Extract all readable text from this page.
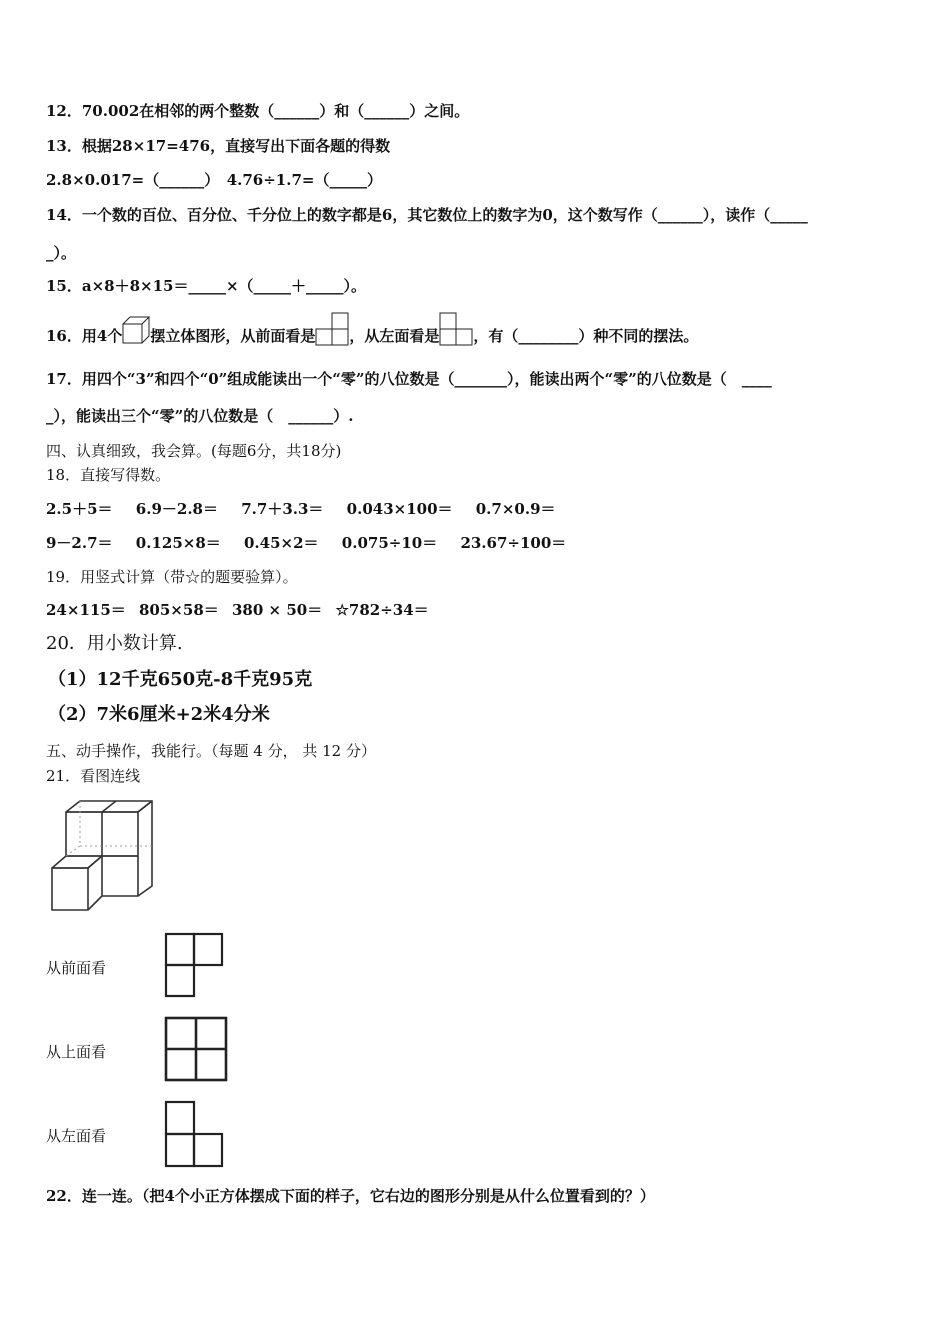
12．70.002在相邻的两个整数（______）和（______）之间。
13．根据28×17=476，直接写出下面各题的得数
2.8×0.017=（______）　4.76÷1.7=（_____）
14．一个数的百位、百分位、千分位上的数字都是6，其它数位上的数字为0，这个数写作（______），读作（_____
_）。
15．a×8＋8×15＝_____×（_____＋_____）。
16．用4个 摆立体图形，从前面看是 ，从左面看是 ，有（________）种不同的摆法。
17．用四个“3”和四个“0”组成能读出一个“零”的八位数是（_______），能读出两个“零”的八位数是（　____
_），能读出三个“零”的八位数是（　______）.
四、认真细致，我会算。(每题6分，共18分)
18．直接写得数。
2.5＋5＝ 6.9－2.8＝ 7.7＋3.3＝ 0.043×100＝ 0.7×0.9＝
9－2.7＝ 0.125×8＝ 0.45×2＝ 0.075÷10＝ 23.67÷100＝
19．用竖式计算（带☆的题要验算）。
24×115＝ 805×58＝ 380 × 50＝ ☆782÷34＝
20．用小数计算.
（1）12千克650克-8千克95克
（2）7米6厘米+2米4分米
五、动手操作，我能行。（每题 4 分， 共 12 分）
21．看图连线
从前面看
从上面看
从左面看
22．连一连。（把4个小正方体摆成下面的样子，它右边的图形分别是从什么位置看到的？）
